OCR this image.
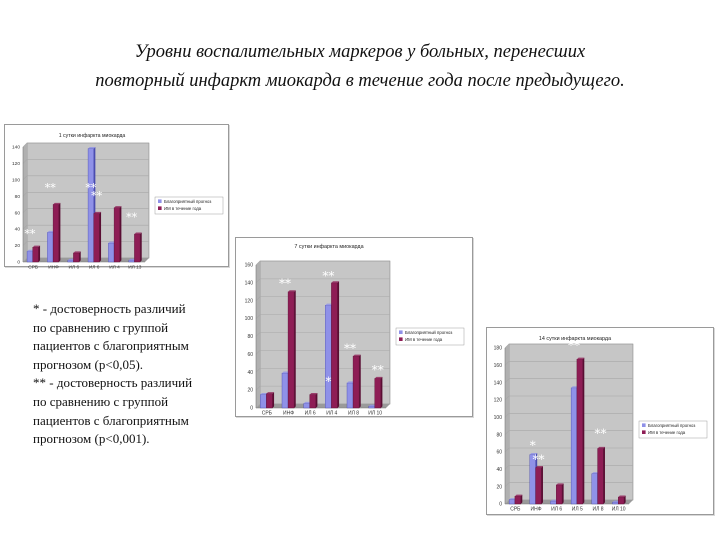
Уровни воспалительных маркеров у больных, перенесших
повторный инфаркт миокарда в течение года после предыдущего.
* - достоверность различий
по сравнению с группой
пациентов с благоприятным
прогнозом (p<0,05).
** - достоверность различий
по сравнению с группой
пациентов с благоприятным
прогнозом (p<0,001).
1 сутки инфаркта миокарда
0
20
40
60
80
100
120
140
СРБ ИНФ ИЛ 6 ИЛ 6 ИЛ 4 ИЛ 13
**
**	**
**
**
Благоприятный прогноз
ИМ в течение года
7 сутки инфаркта миокарда
0
20
40
60
80
100
120
140
160
СРБ ИНФ ИЛ 6 ИЛ 4 ИЛ 8 ИЛ 10
**
**
**
**
*
Благоприятный прогноз
ИМ в течение года	14 сутки инфаркта миокарда
0
20
40
60
80
100
120
140
160
180
СРБ ИНФ ИЛ 6 ИЛ 5 ИЛ 8 ИЛ 10
**
*
**
**
Благоприятный прогноз
ИМ в течение года
